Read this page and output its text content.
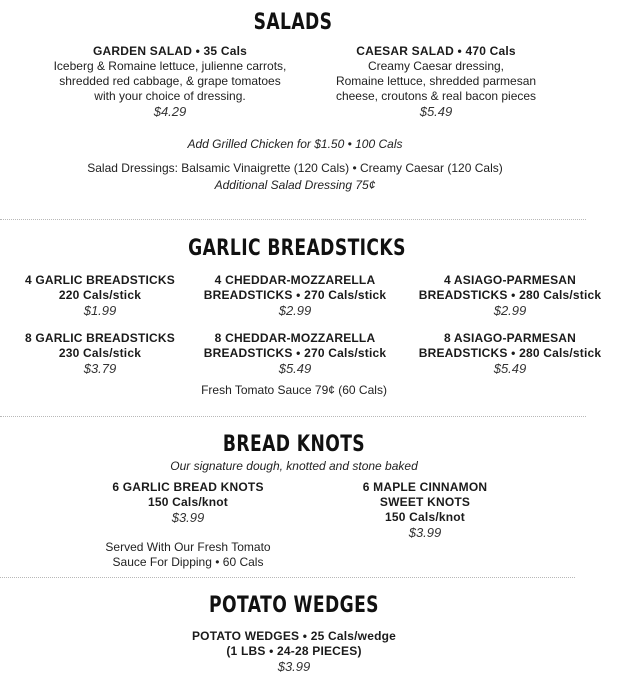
SALADS
GARDEN SALAD • 35 Cals
Iceberg & Romaine lettuce, julienne carrots,
shredded red cabbage, & grape tomatoes
with your choice of dressing.
$4.29
CAESAR SALAD • 470 Cals
Creamy Caesar dressing,
Romaine lettuce, shredded parmesan
cheese, croutons & real bacon pieces
$5.49
Add Grilled Chicken for $1.50 • 100 Cals
Salad Dressings: Balsamic Vinaigrette (120 Cals) • Creamy Caesar (120 Cals)
Additional Salad Dressing 75¢
GARLIC BREADSTICKS
4 GARLIC BREADSTICKS
220 Cals/stick
$1.99
4 CHEDDAR-MOZZARELLA
BREADSTICKS • 270 Cals/stick
$2.99
4 ASIAGO-PARMESAN
BREADSTICKS • 280 Cals/stick
$2.99
8 GARLIC BREADSTICKS
230 Cals/stick
$3.79
8 CHEDDAR-MOZZARELLA
BREADSTICKS • 270 Cals/stick
$5.49
8 ASIAGO-PARMESAN
BREADSTICKS • 280 Cals/stick
$5.49
Fresh Tomato Sauce 79¢ (60 Cals)
BREAD KNOTS
Our signature dough, knotted and stone baked
6 GARLIC BREAD KNOTS
150 Cals/knot
$3.99
Served With Our Fresh Tomato
Sauce For Dipping • 60 Cals
6 MAPLE CINNAMON
SWEET KNOTS
150 Cals/knot
$3.99
POTATO WEDGES
POTATO WEDGES • 25 Cals/wedge
(1 LBS • 24-28 PIECES)
$3.99
